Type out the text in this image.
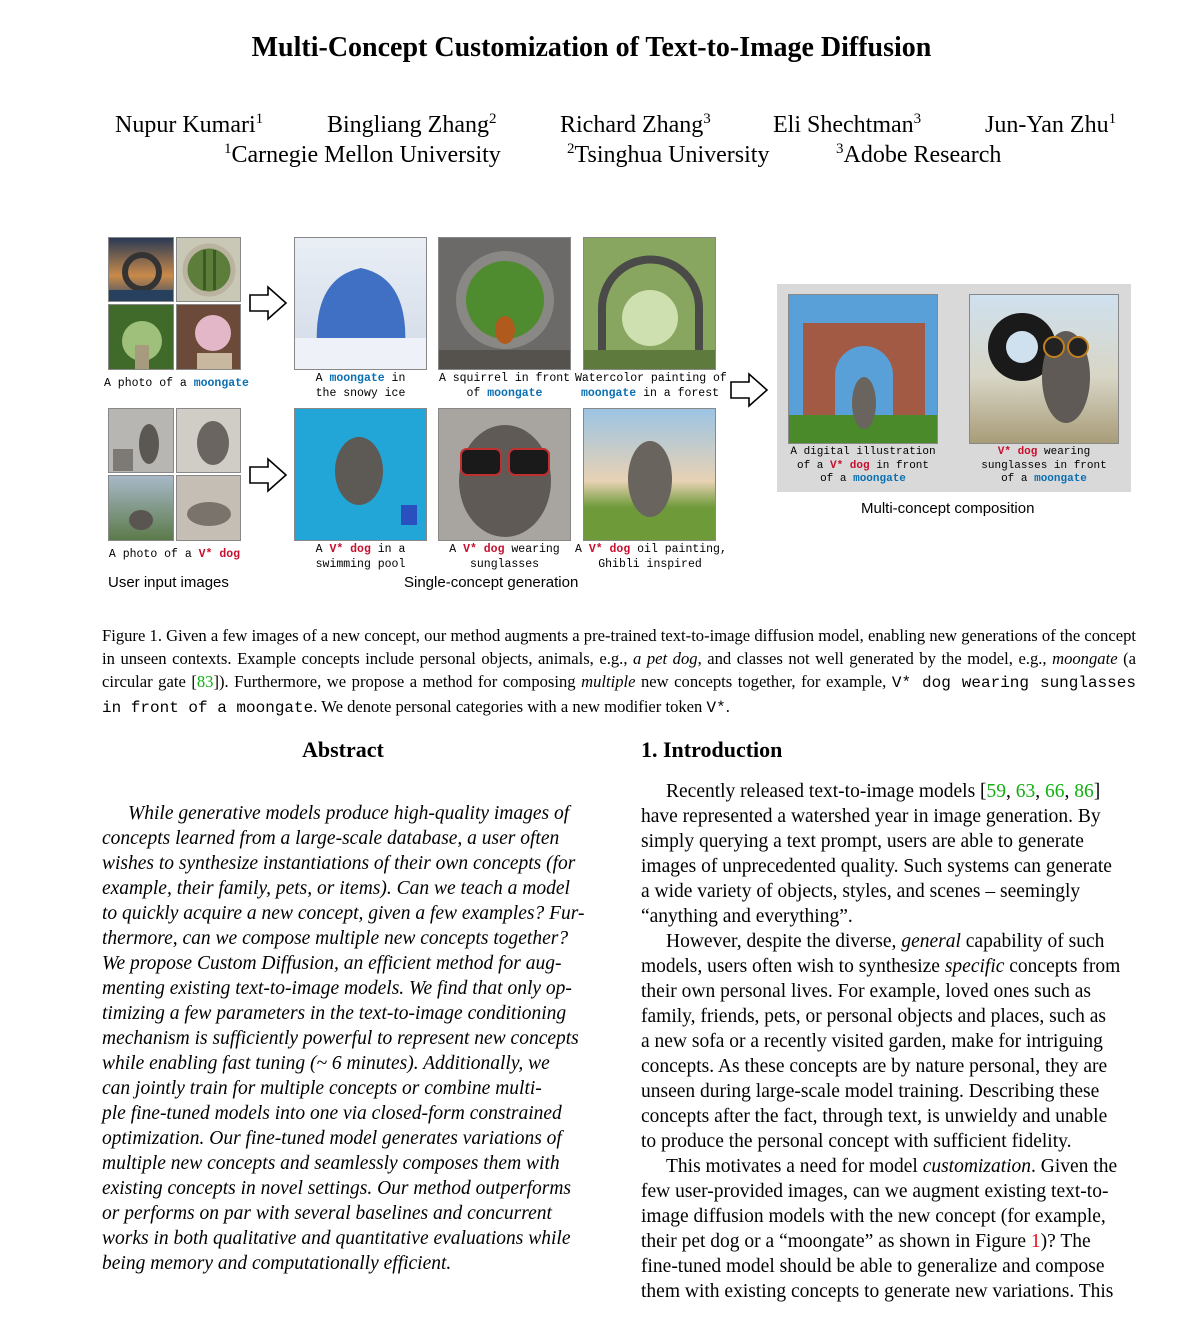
Multi-Concept Customization of Text-to-Image Diffusion
Nupur Kumari$^1$	Bingliang Zhang$^2$	Richard Zhang$^3$	Eli Shechtman$^3$	Jun-Yan Zhu$^1$
$^1$Carnegie Mellon University	$^2$Tsinghua University	$^3$Adobe Research
A photo of a moongate	A moongate in
the snowy ice
A squirrel in front
of moongate
Watercolor painting of
moongate in a forest
A photo of a V* dog
User input images
A V* dog in a
swimming pool
A V* dog wearing
sunglasses
A V* dog oil painting,
Ghibli inspired
Single-concept generation
A digital illustration
of a V* dog in front
of a moongate
V* dog wearing
sunglasses in front
of a moongate
Multi-concept composition
Figure 1. Given a few images of a new concept, our method augments a pre-trained text-to-image diffusion model, enabling new generations of the concept in unseen contexts. Example concepts include personal objects, animals, e.g., a pet dog, and classes not well generated by the model, e.g., moongate (a circular gate [83]). Furthermore, we propose a method for composing multiple new concepts together, for example, V* dog wearing sunglasses in front of a moongate. We denote personal categories with a new modifier token V*.
Abstract
While generative models produce high-quality images of
concepts learned from a large-scale database, a user often
wishes to synthesize instantiations of their own concepts (for
example, their family, pets, or items). Can we teach a model
to quickly acquire a new concept, given a few examples? Fur-
thermore, can we compose multiple new concepts together?
We propose Custom Diffusion, an efficient method for aug-
menting existing text-to-image models. We find that only op-
timizing a few parameters in the text-to-image conditioning
mechanism is sufficiently powerful to represent new concepts
while enabling fast tuning (~ 6 minutes). Additionally, we
can jointly train for multiple concepts or combine multi-
ple fine-tuned models into one via closed-form constrained
optimization. Our fine-tuned model generates variations of
multiple new concepts and seamlessly composes them with
existing concepts in novel settings. Our method outperforms
or performs on par with several baselines and concurrent
works in both qualitative and quantitative evaluations while
being memory and computationally efficient.
1. Introduction
Recently released text-to-image models [59, 63, 66, 86]
have represented a watershed year in image generation. By
simply querying a text prompt, users are able to generate
images of unprecedented quality. Such systems can generate
a wide variety of objects, styles, and scenes – seemingly
“anything and everything”.
However, despite the diverse, general capability of such
models, users often wish to synthesize specific concepts from
their own personal lives. For example, loved ones such as
family, friends, pets, or personal objects and places, such as
a new sofa or a recently visited garden, make for intriguing
concepts. As these concepts are by nature personal, they are
unseen during large-scale model training. Describing these
concepts after the fact, through text, is unwieldy and unable
to produce the personal concept with sufficient fidelity.
This motivates a need for model customization. Given the
few user-provided images, can we augment existing text-to-
image diffusion models with the new concept (for example,
their pet dog or a “moongate” as shown in Figure 1)? The
fine-tuned model should be able to generalize and compose
them with existing concepts to generate new variations. This
